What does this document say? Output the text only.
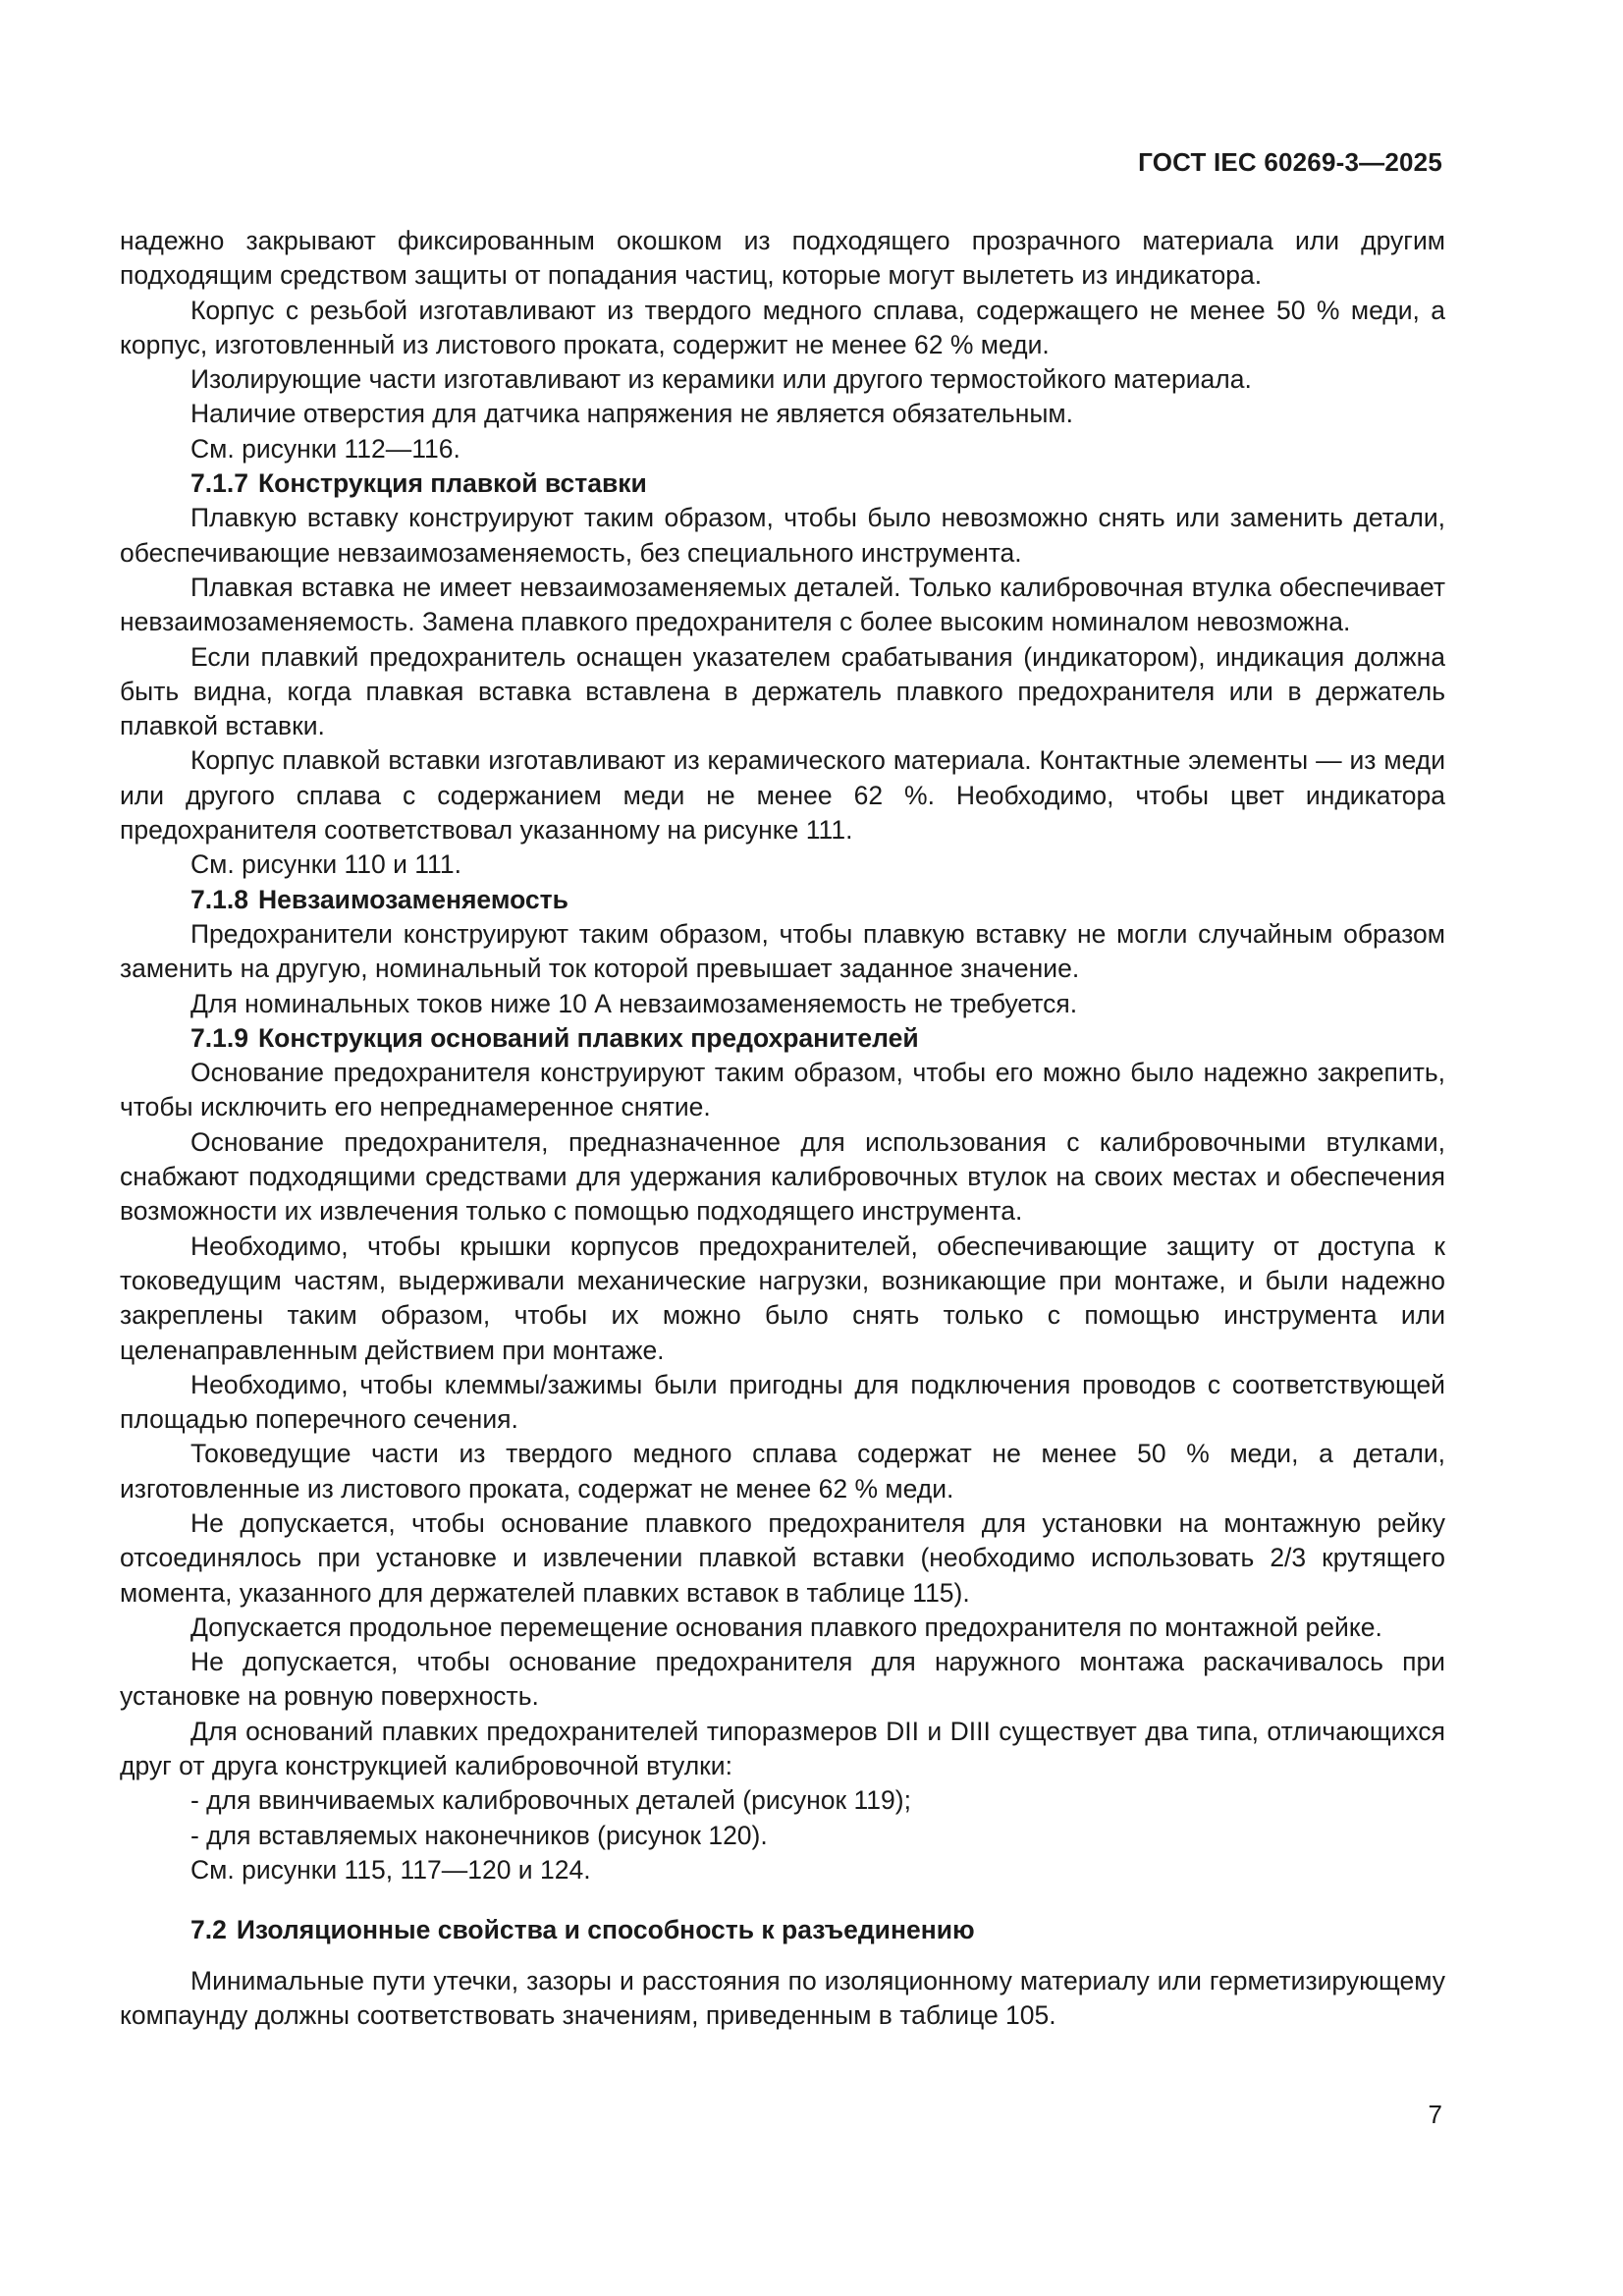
ГОСТ IEC 60269-3—2025

надежно закрывают фиксированным окошком из подходящего прозрачного материала или другим подходящим средством защиты от попадания частиц, которые могут вылететь из индикатора.

Корпус с резьбой изготавливают из твердого медного сплава, содержащего не менее 50 % меди, а корпус, изготовленный из листового проката, содержит не менее 62 % меди.

Изолирующие части изготавливают из керамики или другого термостойкого материала.

Наличие отверстия для датчика напряжения не является обязательным.

См. рисунки 112—116.

7.1.7 Конструкция плавкой вставки

Плавкую вставку конструируют таким образом, чтобы было невозможно снять или заменить детали, обеспечивающие невзаимозаменяемость, без специального инструмента.

Плавкая вставка не имеет невзаимозаменяемых деталей. Только калибровочная втулка обеспечивает невзаимозаменяемость. Замена плавкого предохранителя с более высоким номиналом невозможна.

Если плавкий предохранитель оснащен указателем срабатывания (индикатором), индикация должна быть видна, когда плавкая вставка вставлена в держатель плавкого предохранителя или в держатель плавкой вставки.

Корпус плавкой вставки изготавливают из керамического материала. Контактные элементы — из меди или другого сплава с содержанием меди не менее 62 %. Необходимо, чтобы цвет индикатора предохранителя соответствовал указанному на рисунке 111.

См. рисунки 110 и 111.

7.1.8 Невзаимозаменяемость

Предохранители конструируют таким образом, чтобы плавкую вставку не могли случайным образом заменить на другую, номинальный ток которой превышает заданное значение.

Для номинальных токов ниже 10 А невзаимозаменяемость не требуется.

7.1.9 Конструкция оснований плавких предохранителей

Основание предохранителя конструируют таким образом, чтобы его можно было надежно закрепить, чтобы исключить его непреднамеренное снятие.

Основание предохранителя, предназначенное для использования с калибровочными втулками, снабжают подходящими средствами для удержания калибровочных втулок на своих местах и обеспечения возможности их извлечения только с помощью подходящего инструмента.

Необходимо, чтобы крышки корпусов предохранителей, обеспечивающие защиту от доступа к токоведущим частям, выдерживали механические нагрузки, возникающие при монтаже, и были надежно закреплены таким образом, чтобы их можно было снять только с помощью инструмента или целенаправленным действием при монтаже.

Необходимо, чтобы клеммы/зажимы были пригодны для подключения проводов с соответствующей площадью поперечного сечения.

Токоведущие части из твердого медного сплава содержат не менее 50 % меди, а детали, изготовленные из листового проката, содержат не менее 62 % меди.

Не допускается, чтобы основание плавкого предохранителя для установки на монтажную рейку отсоединялось при установке и извлечении плавкой вставки (необходимо использовать 2/3 крутящего момента, указанного для держателей плавких вставок в таблице 115).

Допускается продольное перемещение основания плавкого предохранителя по монтажной рейке.

Не допускается, чтобы основание предохранителя для наружного монтажа раскачивалось при установке на ровную поверхность.

Для оснований плавких предохранителей типоразмеров DII и DIII существует два типа, отличающихся друг от друга конструкцией калибровочной втулки:

- для ввинчиваемых калибровочных деталей (рисунок 119);

- для вставляемых наконечников (рисунок 120).

См. рисунки 115, 117—120 и 124.

7.2 Изоляционные свойства и способность к разъединению

Минимальные пути утечки, зазоры и расстояния по изоляционному материалу или герметизирующему компаунду должны соответствовать значениям, приведенным в таблице 105.

7
